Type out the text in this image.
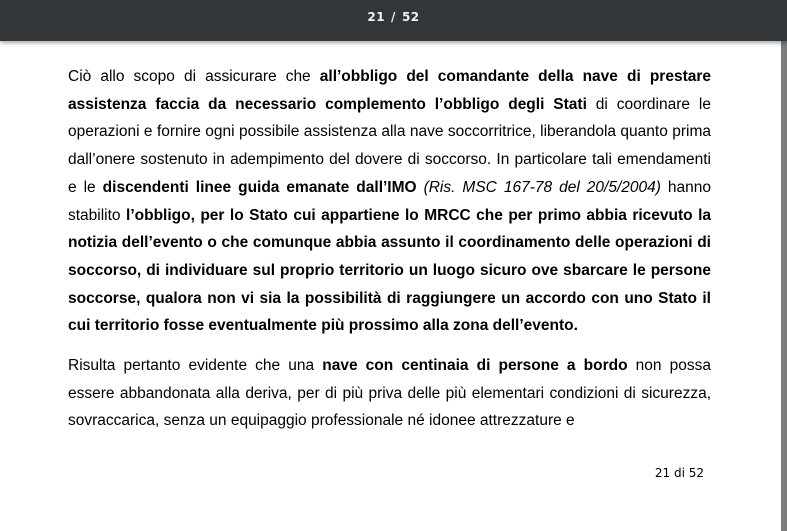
21 / 52

Ciò allo scopo di assicurare che all’obbligo del comandante della nave di prestare assistenza faccia da necessario complemento l’obbligo degli Stati di coordinare le operazioni e fornire ogni possibile assistenza alla nave soccorritrice, liberandola quanto prima dall’onere sostenuto in adempimento del dovere di soccorso. In particolare tali emendamenti e le discendenti linee guida emanate dall’IMO (Ris. MSC 167-78 del 20/5/2004) hanno stabilito l’obbligo, per lo Stato cui appartiene lo MRCC che per primo abbia ricevuto la notizia dell’evento o che comunque abbia assunto il coordinamento delle operazioni di soccorso, di individuare sul proprio territorio un luogo sicuro ove sbarcare le persone soccorse, qualora non vi sia la possibilità di raggiungere un accordo con uno Stato il cui territorio fosse eventualmente più prossimo alla zona dell’evento.

Risulta pertanto evidente che una nave con centinaia di persone a bordo non possa essere abbandonata alla deriva, per di più priva delle più elementari condizioni di sicurezza, sovraccarica, senza un equipaggio professionale né idonee attrezzature e

21 di 52
